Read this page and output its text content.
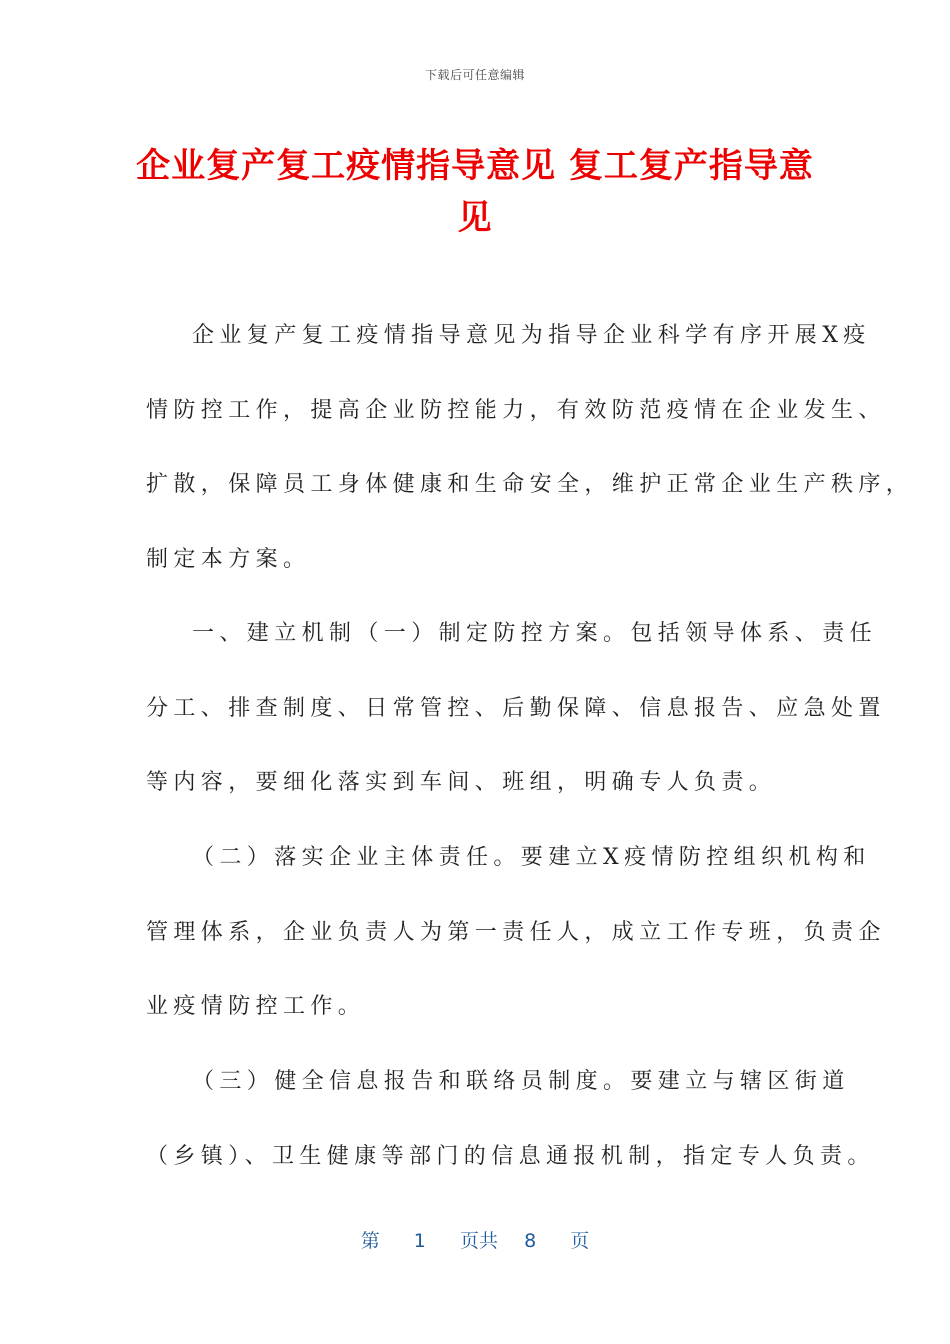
下载后可任意编辑
企业复产复工疫情指导意见 复工复产指导意
见
企业复产复工疫情指导意见为指导企业科学有序开展X疫
情防控工作，提高企业防控能力，有效防范疫情在企业发生、
扩散，保障员工身体健康和生命安全，维护正常企业生产秩序，
制定本方案。
一、建立机制（一）制定防控方案。包括领导体系、责任
分工、排查制度、日常管控、后勤保障、信息报告、应急处置
等内容，要细化落实到车间、班组，明确专人负责。
（二）落实企业主体责任。要建立X疫情防控组织机构和
管理体系，企业负责人为第一责任人，成立工作专班，负责企
业疫情防控工作。
（三）健全信息报告和联络员制度。要建立与辖区街道
（乡镇）、卫生健康等部门的信息通报机制，指定专人负责。
第 1 页共 8 页
